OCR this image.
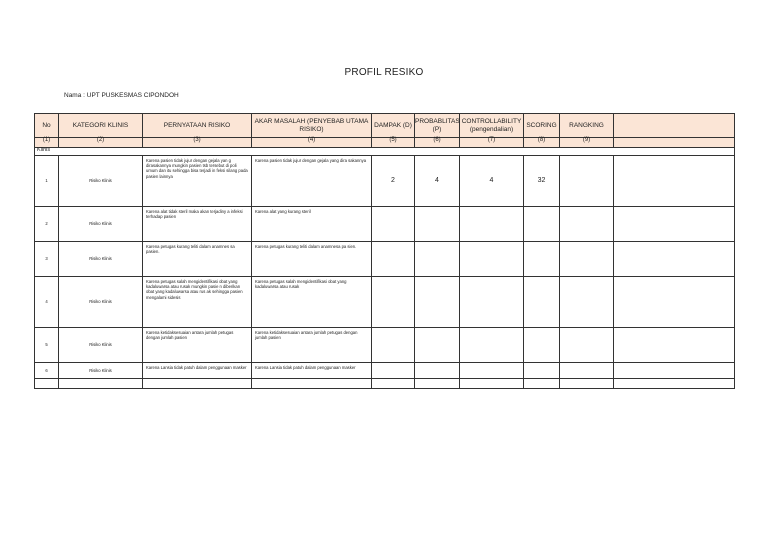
PROFIL RESIKO
Nama : UPT PUSKESMAS CIPONDOH
No	KATEGORI KLINIS	PERNYATAAN RISIKO	AKAR MASALAH (PENYEBAB UTAMA RISIKO)	DAMPAK (D)	PROBABLITAS (P)	CONTROLLABILITY (pengendalian)	SCORING	RANGKING	
(1)	(2)	(3)	(4)	(5)	(6)	(7)	(8)	(9)	
Klinis									
1	Risiko Klinis	Karena pasien tidak jujur dengan gejala yan g dirasakannya mungkin pasien tsb tersebut di poli umum dan itu sehingga bisa terjadi in feksi silang pada pasien lainnya	Karena pasien tidak jujur dengan gejala yang dira sakannya	2	4	4	32		
2	Risiko Klinis	Karena alat tidak steril maka akan terjadiny a infeksi terhadap pasien	Karena alat yang kurang steril						
3	Risiko Klinis	Karena petugas kurang teliti dalam anamnes sa pasien.	Karena petugas kurang teliti dalam anamnesa pa sien.						
4	Risiko Klinis	Karena petugas salah mengidentifikasi obat yang kadaluwarsa atau rusak mungkin pasie n diberikan obat yang kadaluwarsa atau rus ak sehingga pasien mengalami sidesis	Karena petugas salah mengidentifikasi obat yang kadaluwarsa atau rusak						
5	Risiko Klinis	Karena ketidaksesuaian antara jumlah petugas dengan jumlah pasien	Karena ketidaksesuaian antara jumlah petugas dengan jumlah pasien						
6	Risiko Klinis	Karena Lansia tidak patuh dalam penggunaan masker	Karena Lansia tidak patuh dalam penggunaan masker						
